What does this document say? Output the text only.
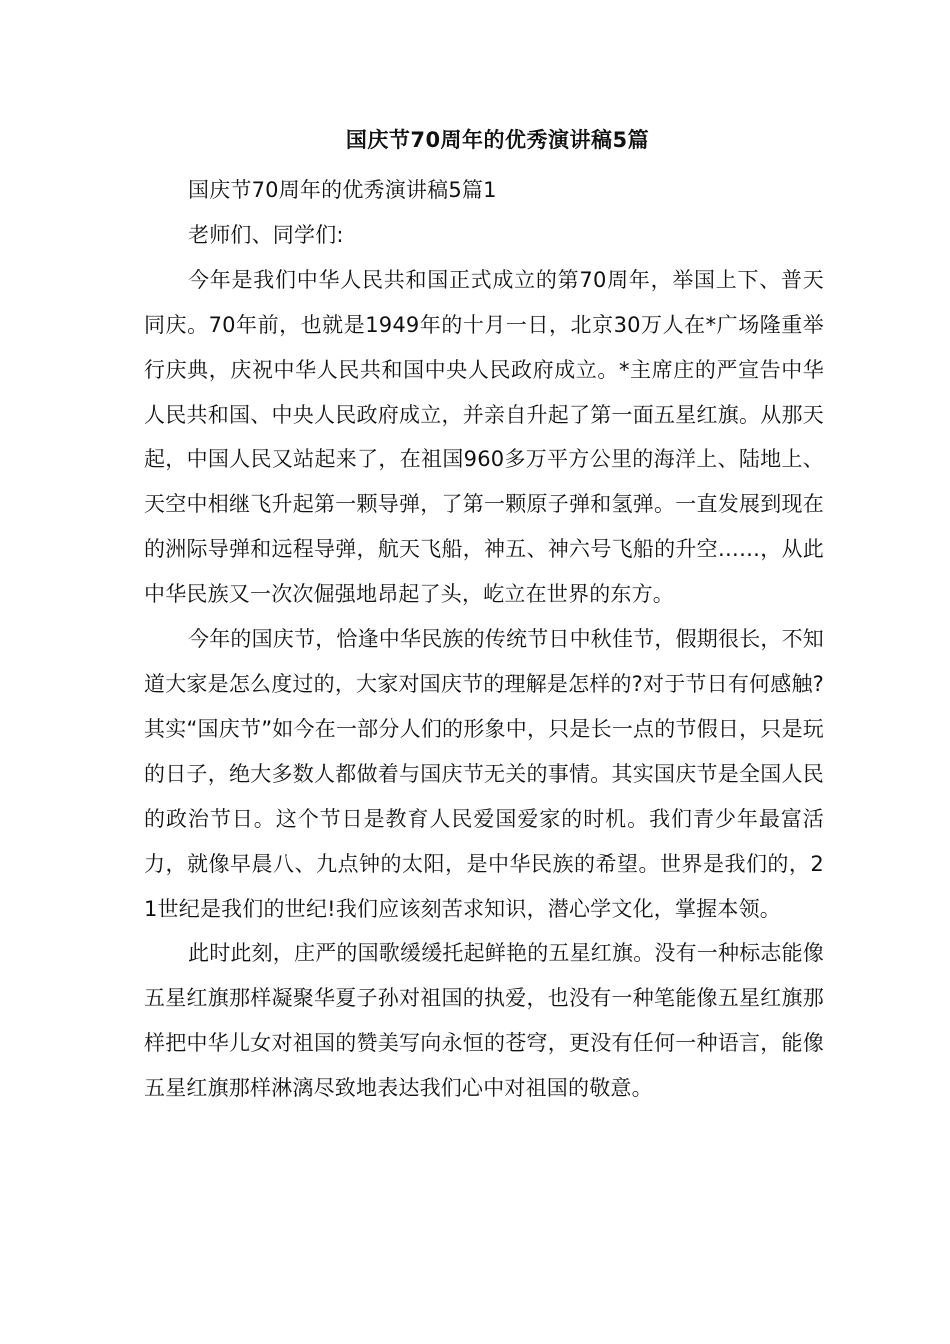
国庆节70周年的优秀演讲稿5篇

国庆节70周年的优秀演讲稿5篇1

老师们、同学们:

今年是我们中华人民共和国正式成立的第70周年，举国上下、普天同庆。70年前，也就是1949年的十月一日，北京30万人在*广场隆重举行庆典，庆祝中华人民共和国中央人民政府成立。*主席庄的严宣告中华人民共和国、中央人民政府成立，并亲自升起了第一面五星红旗。从那天起，中国人民又站起来了，在祖国960多万平方公里的海洋上、陆地上、天空中相继飞升起第一颗导弹，了第一颗原子弹和氢弹。一直发展到现在的洲际导弹和远程导弹，航天飞船，神五、神六号飞船的升空……，从此中华民族又一次次倔强地昂起了头，屹立在世界的东方。

今年的国庆节，恰逢中华民族的传统节日中秋佳节，假期很长，不知道大家是怎么度过的，大家对国庆节的理解是怎样的?对于节日有何感触?其实“国庆节”如今在一部分人们的形象中，只是长一点的节假日，只是玩的日子，绝大多数人都做着与国庆节无关的事情。其实国庆节是全国人民的政治节日。这个节日是教育人民爱国爱家的时机。我们青少年最富活力，就像早晨八、九点钟的太阳，是中华民族的希望。世界是我们的，21世纪是我们的世纪!我们应该刻苦求知识，潜心学文化，掌握本领。

此时此刻，庄严的国歌缓缓托起鲜艳的五星红旗。没有一种标志能像五星红旗那样凝聚华夏子孙对祖国的执爱，也没有一种笔能像五星红旗那样把中华儿女对祖国的赞美写向永恒的苍穹，更没有任何一种语言，能像五星红旗那样淋漓尽致地表达我们心中对祖国的敬意。
